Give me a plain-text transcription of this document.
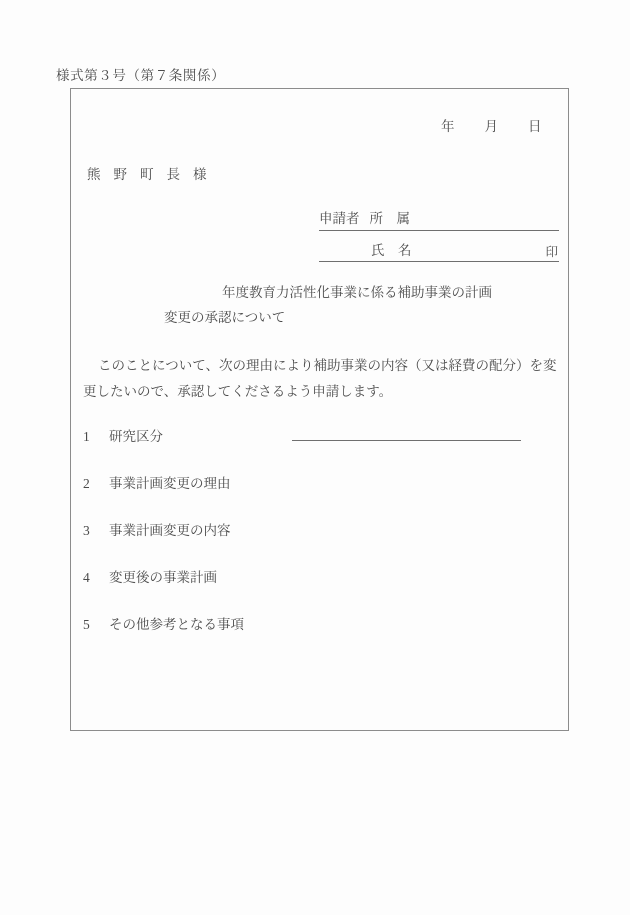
様式第３号（第７条関係）
年 月 日
熊 野 町 長 様
申請者 所　属
氏　名	印
年度教育力活性化事業に係る補助事業の計画
変更の承認について
このことについて、次の理由により補助事業の内容（又は経費の配分）を変更したいので、承認してくださるよう申請します。
1 研究区分
2 事業計画変更の理由
3 事業計画変更の内容
4 変更後の事業計画
5 その他参考となる事項
